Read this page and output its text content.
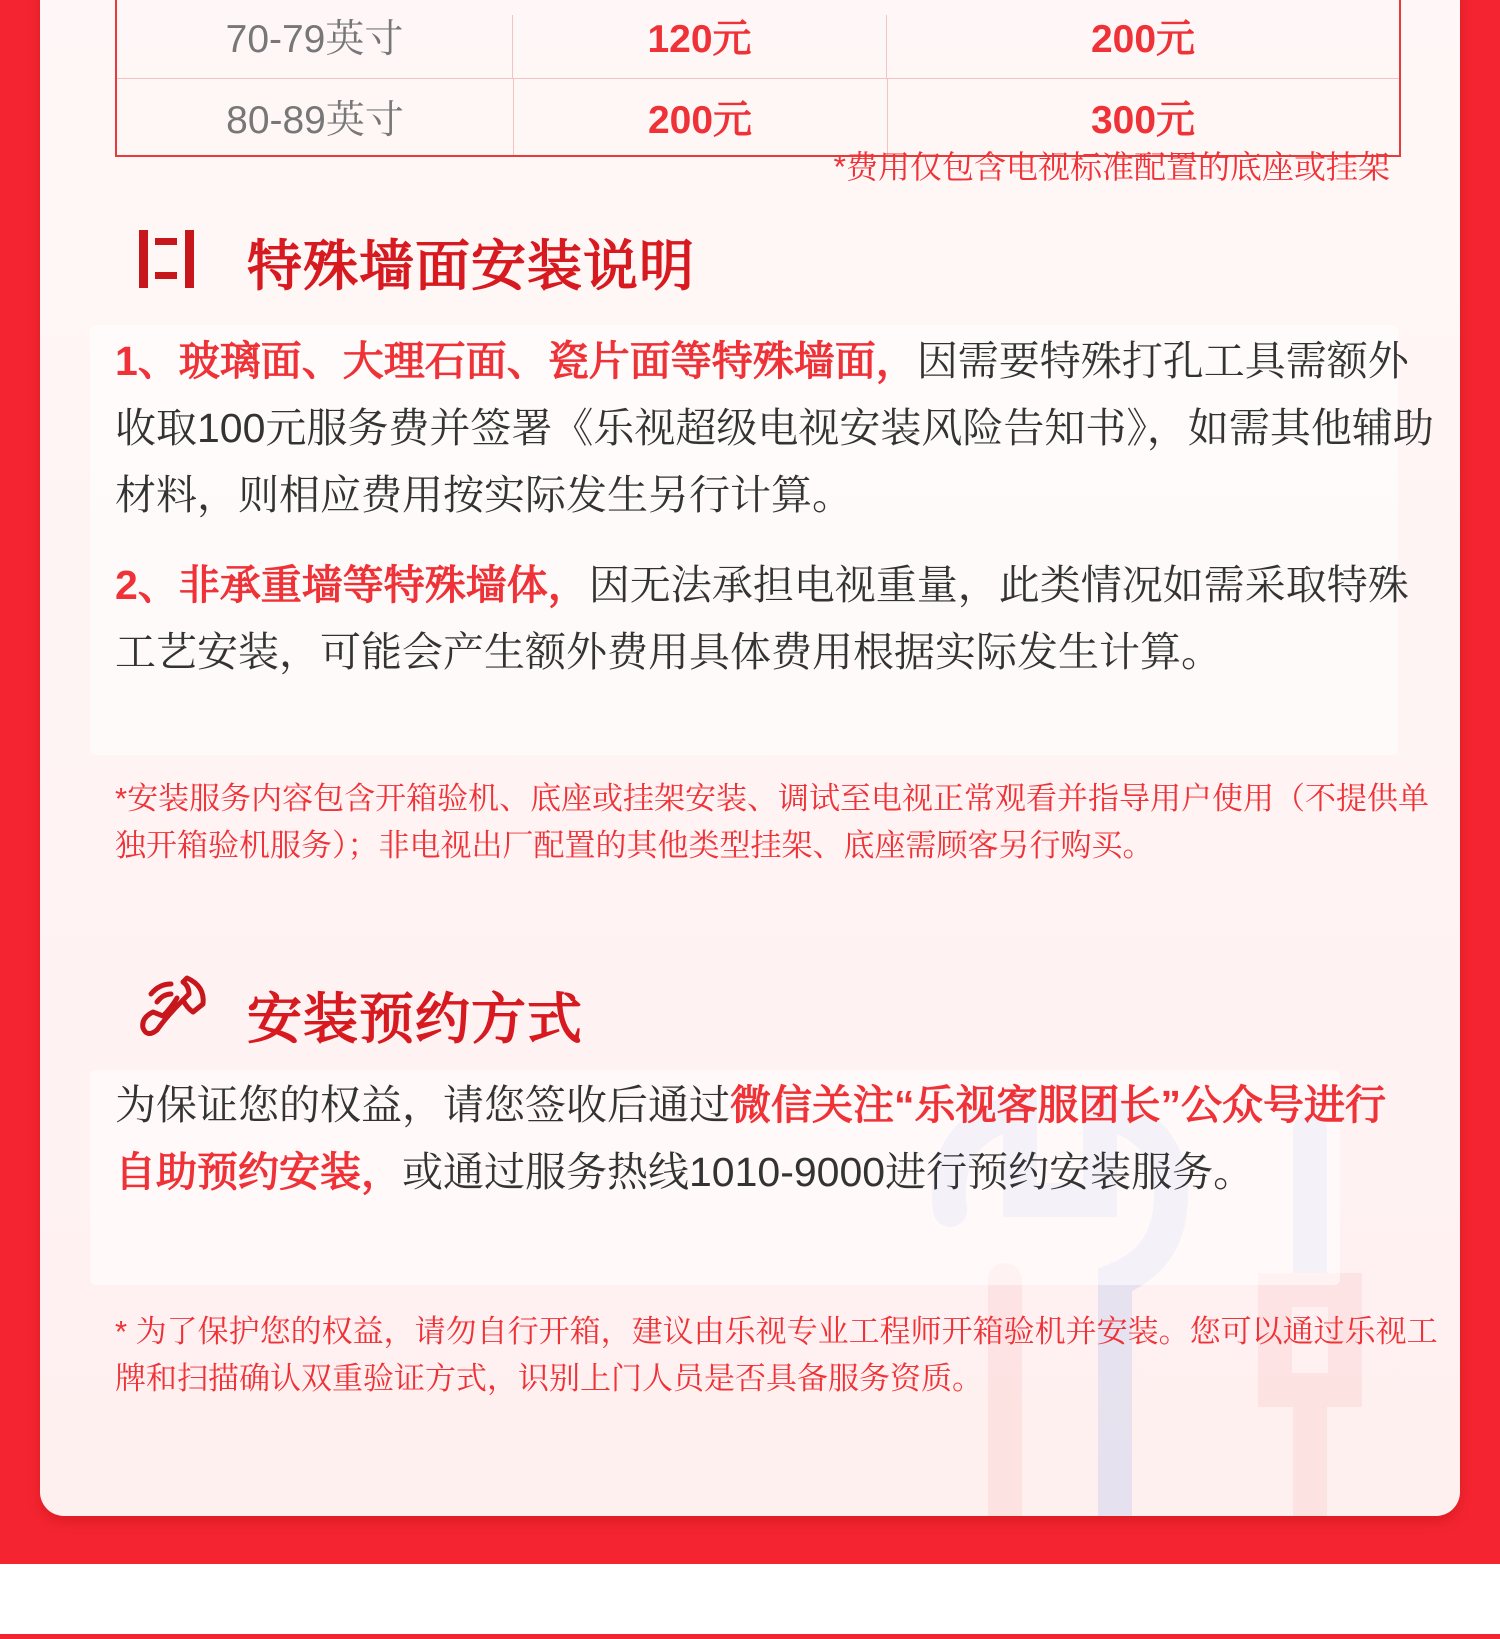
70-79英寸	120元	200元
80-89英寸	200元	300元
*费用仅包含电视标准配置的底座或挂架
特殊墙面安装说明
1、玻璃面、大理石面、瓷片面等特殊墙面，因需要特殊打孔工具需额外收取100元服务费并签署《乐视超级电视安装风险告知书》，如需其他辅助材料，则相应费用按实际发生另行计算。
2、非承重墙等特殊墙体，因无法承担电视重量，此类情况如需采取特殊工艺安装，可能会产生额外费用具体费用根据实际发生计算。
*安装服务内容包含开箱验机、底座或挂架安装、调试至电视正常观看并指导用户使用（不提供单独开箱验机服务）；非电视出厂配置的其他类型挂架、底座需顾客另行购买。
安装预约方式
为保证您的权益，请您签收后通过微信关注“乐视客服团长”公众号进行自助预约安装，或通过服务热线1010-9000进行预约安装服务。
* 为了保护您的权益，请勿自行开箱，建议由乐视专业工程师开箱验机并安装。您可以通过乐视工牌和扫描确认双重验证方式，识别上门人员是否具备服务资质。
